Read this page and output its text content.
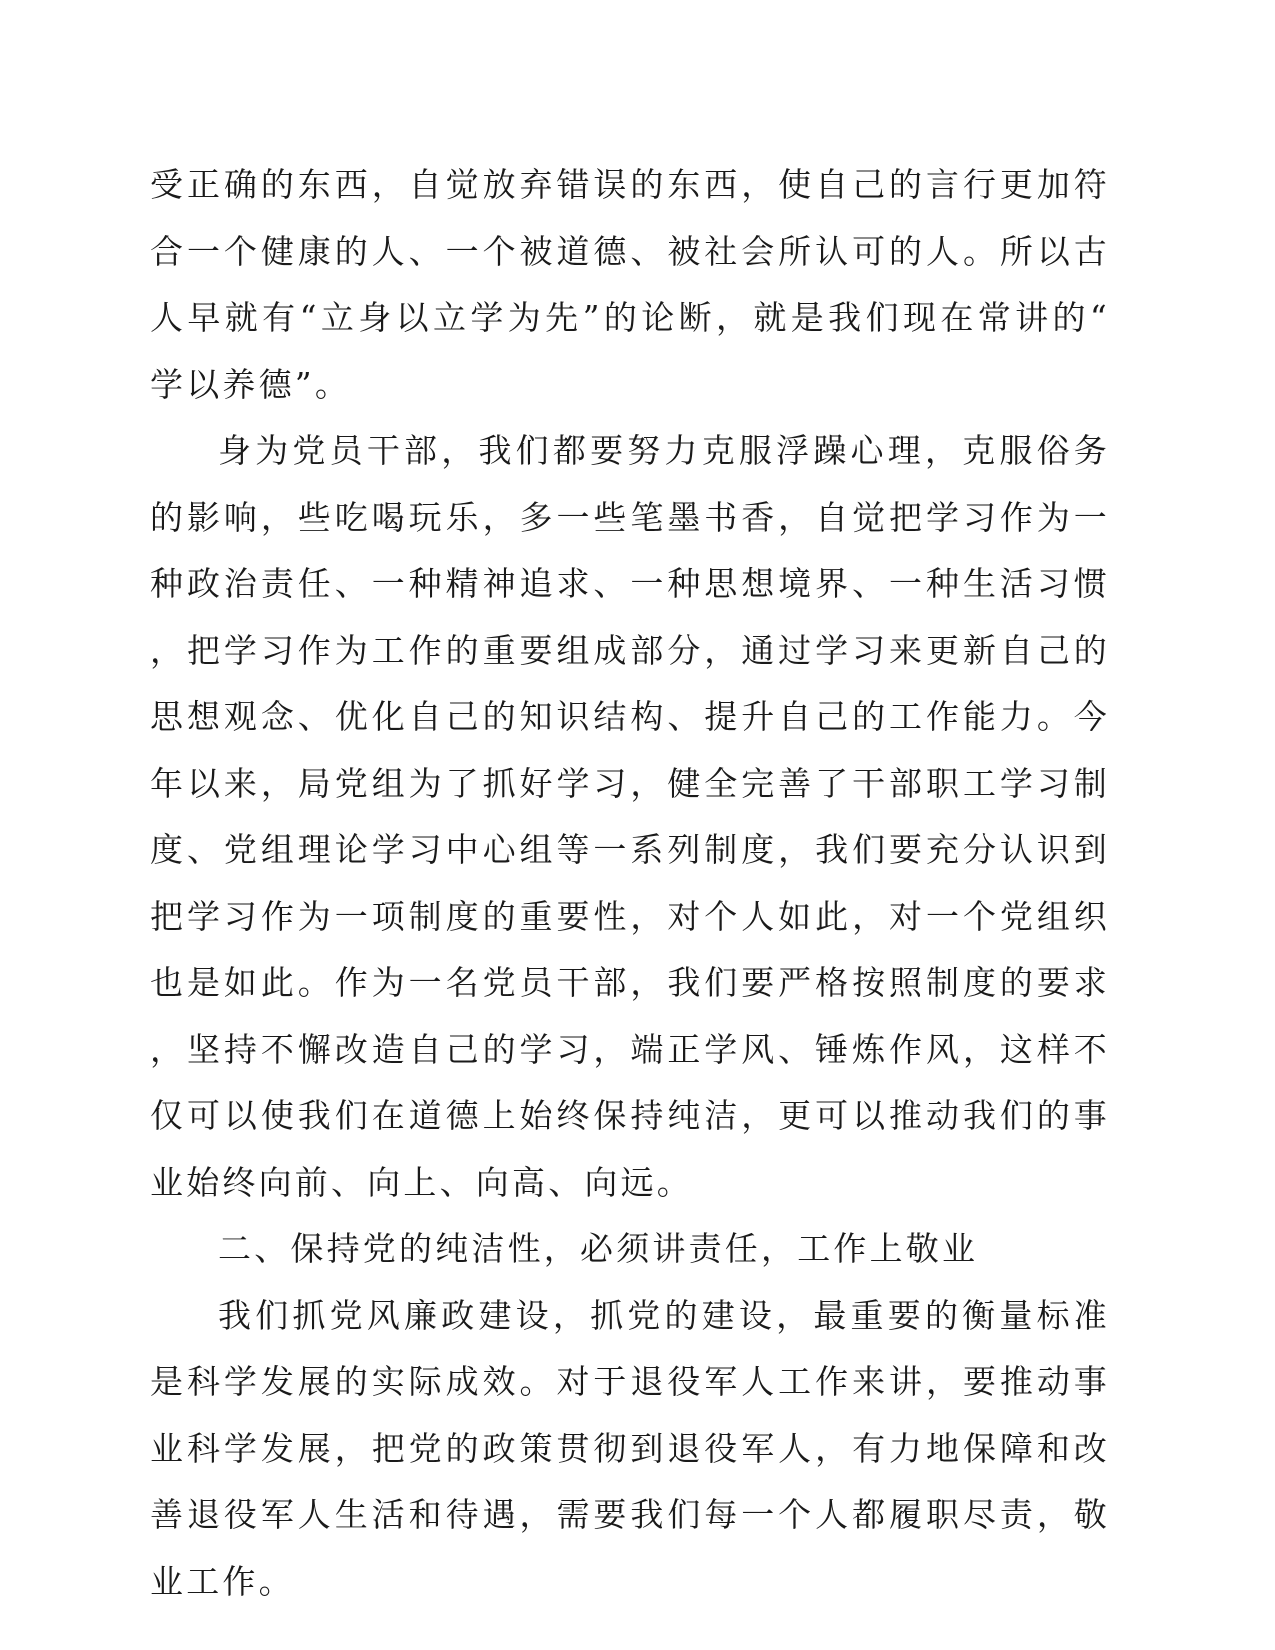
受正确的东西，自觉放弃错误的东西，使自己的言行更加符合一个健康的人、一个被道德、被社会所认可的人。所以古人早就有“立身以立学为先”的论断，就是我们现在常讲的“学以养德”。

身为党员干部，我们都要努力克服浮躁心理，克服俗务的影响，些吃喝玩乐，多一些笔墨书香，自觉把学习作为一种政治责任、一种精神追求、一种思想境界、一种生活习惯，把学习作为工作的重要组成部分，通过学习来更新自己的思想观念、优化自己的知识结构、提升自己的工作能力。今年以来，局党组为了抓好学习，健全完善了干部职工学习制度、党组理论学习中心组等一系列制度，我们要充分认识到把学习作为一项制度的重要性，对个人如此，对一个党组织也是如此。作为一名党员干部，我们要严格按照制度的要求，坚持不懈改造自己的学习，端正学风、锤炼作风，这样不仅可以使我们在道德上始终保持纯洁，更可以推动我们的事业始终向前、向上、向高、向远。

二、保持党的纯洁性，必须讲责任，工作上敬业

我们抓党风廉政建设，抓党的建设，最重要的衡量标准是科学发展的实际成效。对于退役军人工作来讲，要推动事业科学发展，把党的政策贯彻到退役军人，有力地保障和改善退役军人生活和待遇，需要我们每一个人都履职尽责，敬业工作。
